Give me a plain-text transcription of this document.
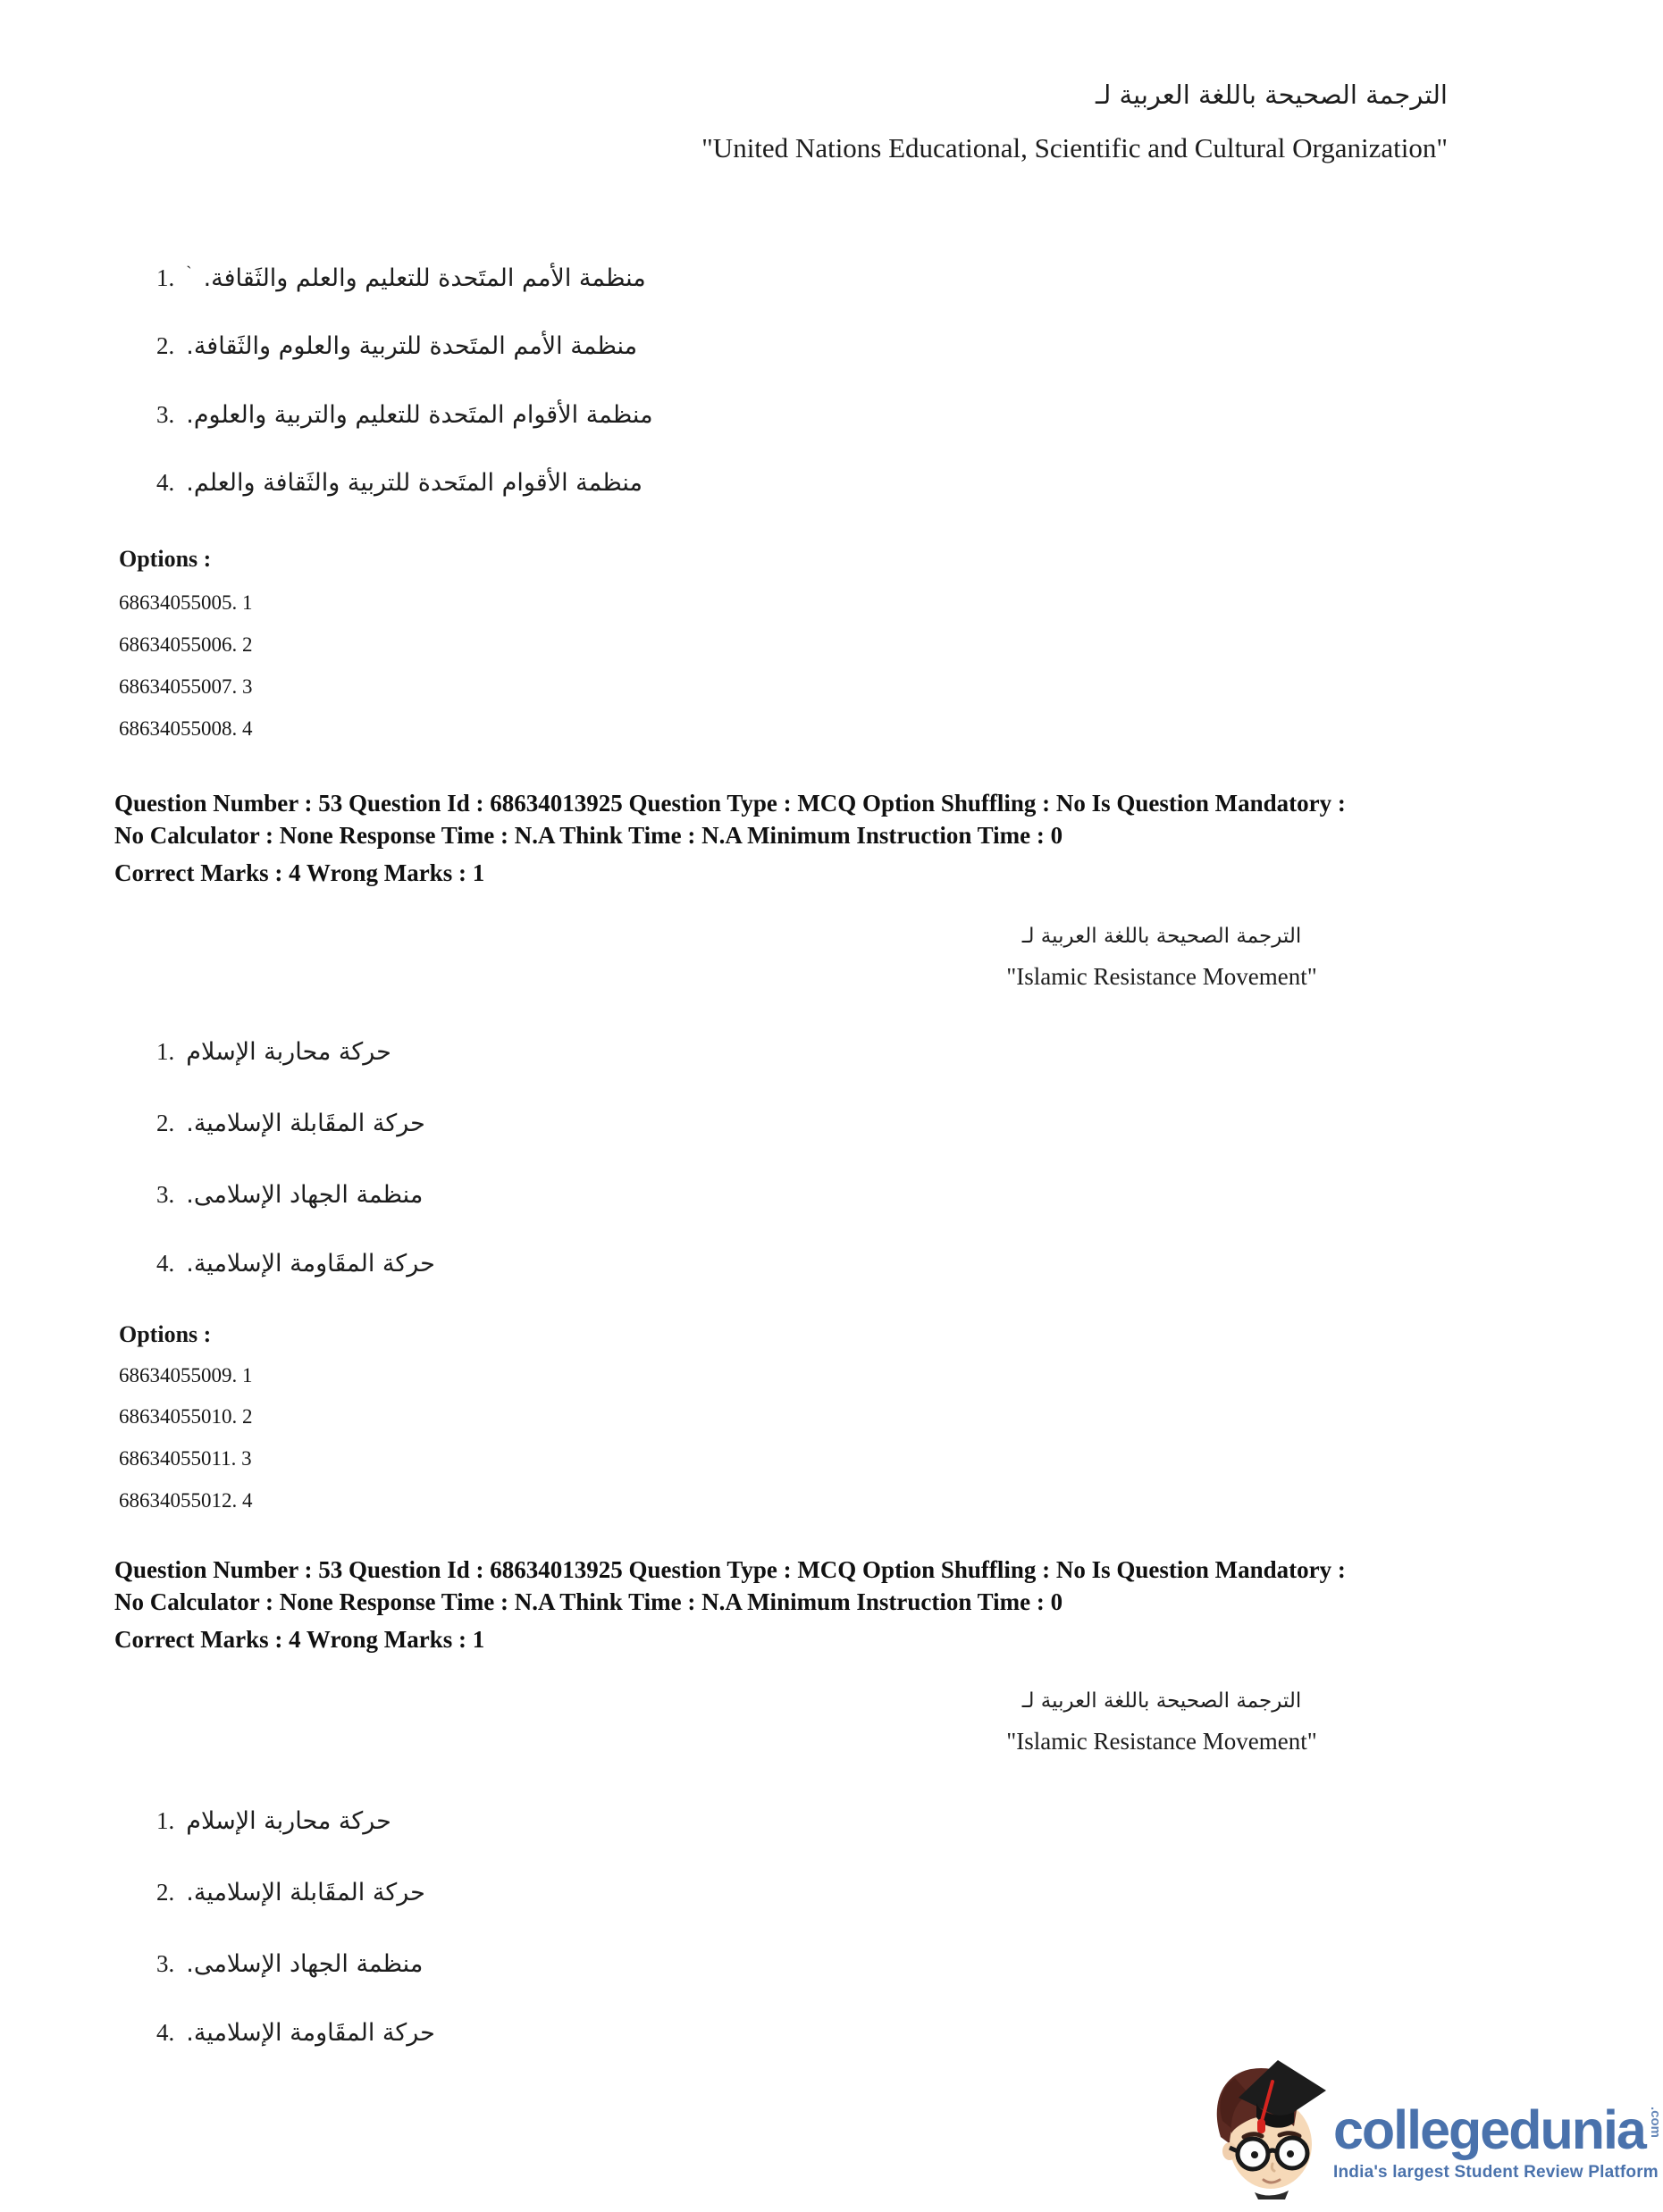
الترجمة الصحيحة باللغة العربية لـ
"United Nations Educational, Scientific and Cultural Organization"
1. ` منظمة الأمم المتَحدة للتعليم والعلم والثَقافة.
2. منظمة الأمم المتَحدة للتربية والعلوم والثَقافة.
3. منظمة الأقوام المتَحدة للتعليم والتربية والعلوم.
4. منظمة الأقوام المتَحدة للتربية والثَقافة والعلم.
Options :
68634055005. 1
68634055006. 2
68634055007. 3
68634055008. 4
Question Number : 53 Question Id : 68634013925 Question Type : MCQ Option Shuffling : No Is Question Mandatory :
No Calculator : None Response Time : N.A Think Time : N.A Minimum Instruction Time : 0
Correct Marks : 4 Wrong Marks : 1
الترجمة الصحيحة باللغة العربية لـ
"Islamic Resistance Movement"
1. حركة محاربة الإسلام
2. حركة المقَابلة الإسلامية.
3. منظمة الجهاد الإسلامى.
4. حركة المقَاومة الإسلامية.
Options :
68634055009. 1
68634055010. 2
68634055011. 3
68634055012. 4
Question Number : 53 Question Id : 68634013925 Question Type : MCQ Option Shuffling : No Is Question Mandatory :
No Calculator : None Response Time : N.A Think Time : N.A Minimum Instruction Time : 0
Correct Marks : 4 Wrong Marks : 1
الترجمة الصحيحة باللغة العربية لـ
"Islamic Resistance Movement"
1. حركة محاربة الإسلام
2. حركة المقَابلة الإسلامية.
3. منظمة الجهاد الإسلامى.
4. حركة المقَاومة الإسلامية.
collegedunia .com
India's largest Student Review Platform
